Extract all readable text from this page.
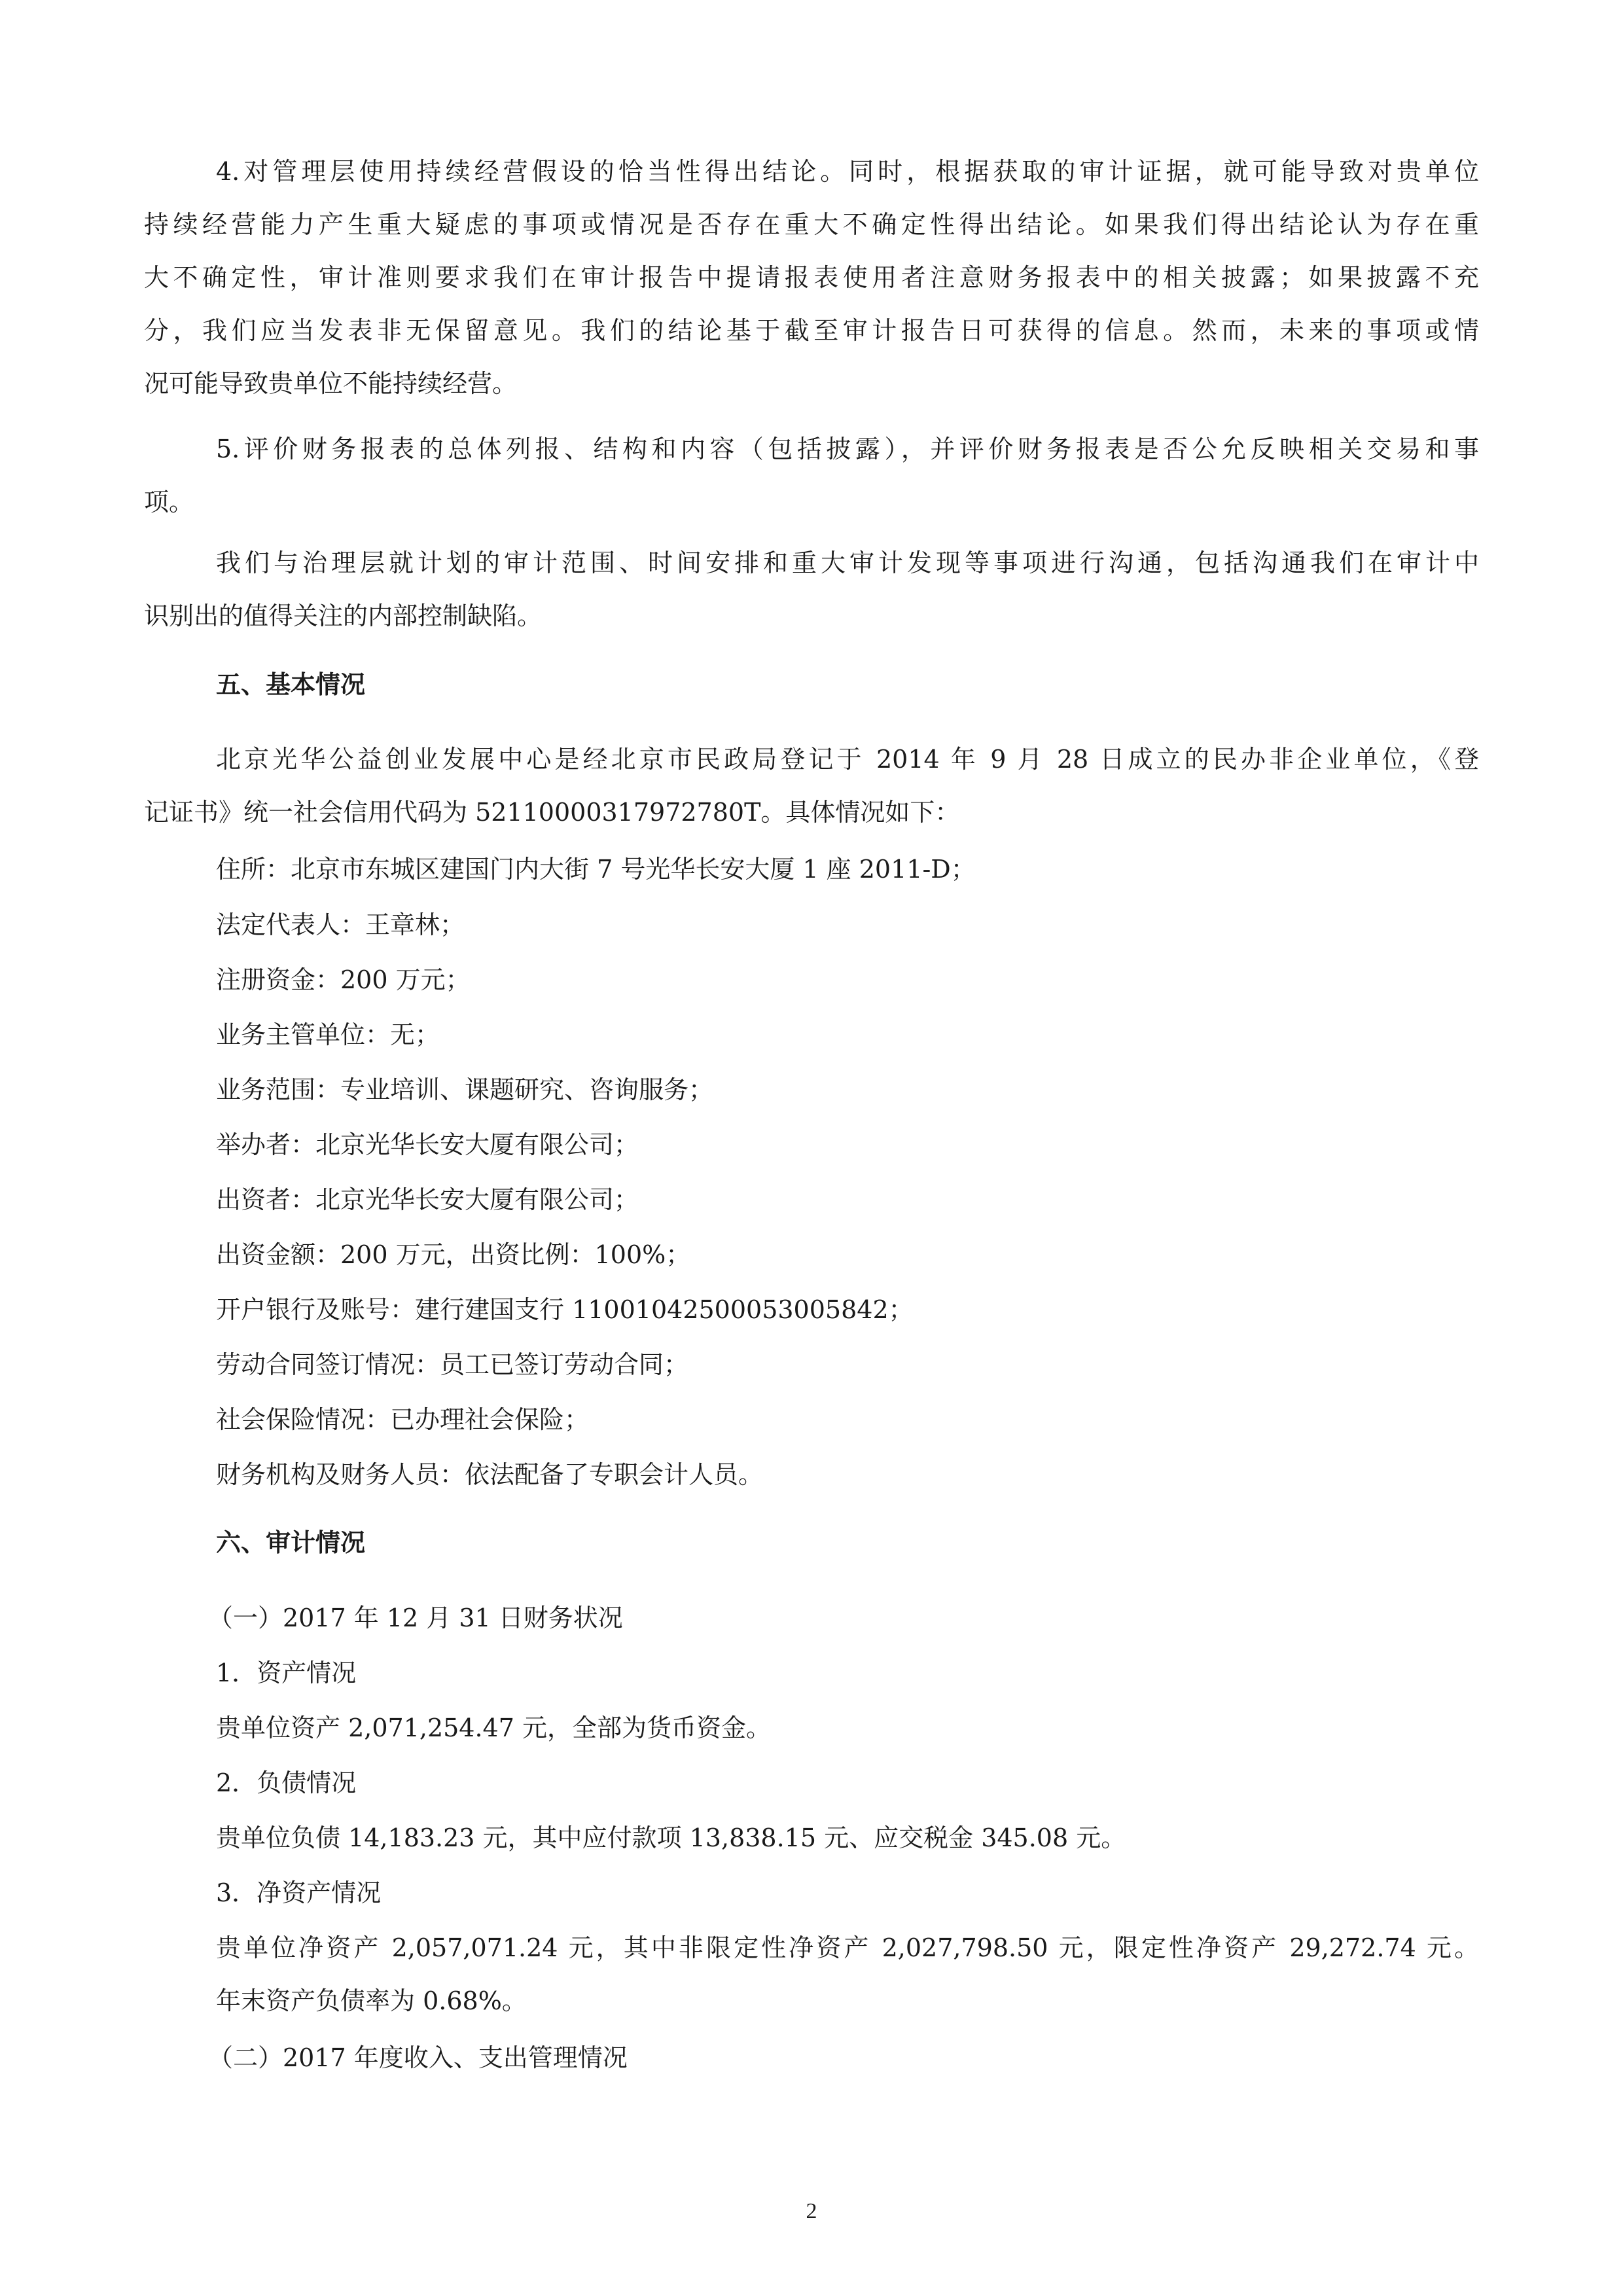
4.对管理层使用持续经营假设的恰当性得出结论。同时，根据获取的审计证据，就可能导致对贵单位
持续经营能力产生重大疑虑的事项或情况是否存在重大不确定性得出结论。如果我们得出结论认为存在重
大不确定性，审计准则要求我们在审计报告中提请报表使用者注意财务报表中的相关披露；如果披露不充
分，我们应当发表非无保留意见。我们的结论基于截至审计报告日可获得的信息。然而，未来的事项或情
况可能导致贵单位不能持续经营。
5.评价财务报表的总体列报、结构和内容（包括披露），并评价财务报表是否公允反映相关交易和事
项。
我们与治理层就计划的审计范围、时间安排和重大审计发现等事项进行沟通，包括沟通我们在审计中
识别出的值得关注的内部控制缺陷。
五、基本情况
北京光华公益创业发展中心是经北京市民政局登记于 2014 年 9 月 28 日成立的民办非企业单位，《登
记证书》统一社会信用代码为 52110000317972780T。具体情况如下：
住所：北京市东城区建国门内大街 7 号光华长安大厦 1 座 2011-D；
法定代表人：王章林；
注册资金：200 万元；
业务主管单位：无；
业务范围：专业培训、课题研究、咨询服务；
举办者：北京光华长安大厦有限公司；
出资者：北京光华长安大厦有限公司；
出资金额：200 万元，出资比例：100%；
开户银行及账号：建行建国支行 11001042500053005842；
劳动合同签订情况：员工已签订劳动合同；
社会保险情况：已办理社会保险；
财务机构及财务人员：依法配备了专职会计人员。
六、审计情况
（一）2017 年 12 月 31 日财务状况
1．资产情况
贵单位资产 2,071,254.47 元，全部为货币资金。
2．负债情况
贵单位负债 14,183.23 元，其中应付款项 13,838.15 元、应交税金 345.08 元。
3．净资产情况
贵单位净资产 2,057,071.24 元，其中非限定性净资产 2,027,798.50 元，限定性净资产 29,272.74 元。
年末资产负债率为 0.68%。
（二）2017 年度收入、支出管理情况
2
